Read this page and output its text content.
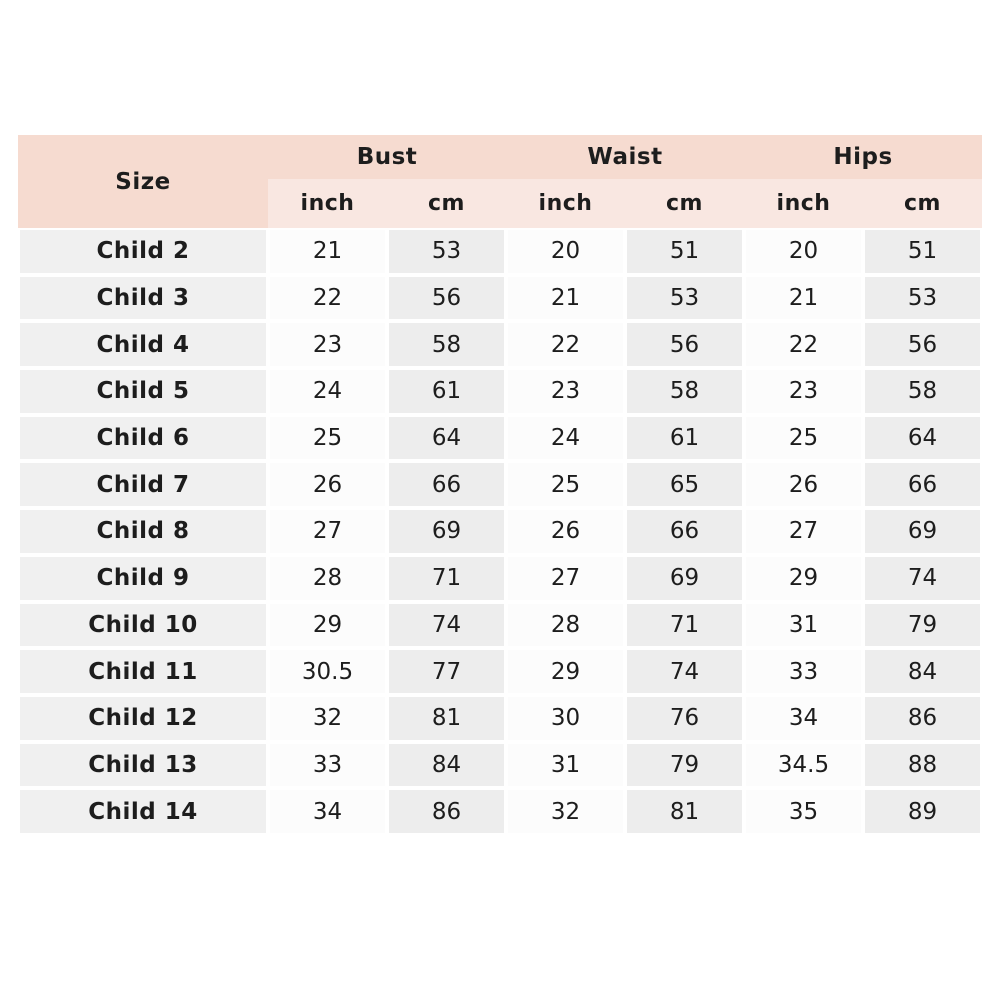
Size
Bust	Waist	Hips
inch	cm	inch	cm	inch	cm
Child 2	21	53	20	51	20	51
Child 3	22	56	21	53	21	53
Child 4	23	58	22	56	22	56
Child 5	24	61	23	58	23	58
Child 6	25	64	24	61	25	64
Child 7	26	66	25	65	26	66
Child 8	27	69	26	66	27	69
Child 9	28	71	27	69	29	74
Child 10	29	74	28	71	31	79
Child 11	30.5	77	29	74	33	84
Child 12	32	81	30	76	34	86
Child 13	33	84	31	79	34.5	88
Child 14	34	86	32	81	35	89
